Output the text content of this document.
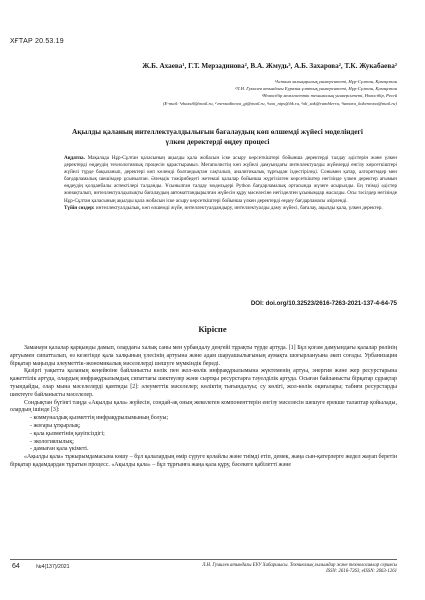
ХҒТАР 20.53.19
Ж.Б. Ахаева¹, Г.Т. Мерзадинова², В.А. Жмудь³, А.Б. Захарова², Т.К. Жукабаева²
¹Астана халықаралық университеті, Нұр-Сұлтан, Қазақстан
²Л.Н. Гумилев атындағы Еуразия ұлттық университеті, Нұр-Сұлтан, Қазақстан
³Новосібір мемлекеттік техникалық университеті, Новосібір, Ресей
(E-mail: ¹zhaxsi6@mail.ru, ² merzadinova_gt@mail.ru, ³oao_nips@bk.ru, ²ali_zak@ramblerru, ²tamara_kokenovna@mail.ru)
Ақылды қаланың интеллектуалдылығын бағалаудың көп өлшемді жүйесі моделіндегі
үлкен деректерді өңдеу процесі
Аңдатпа. Мақалада Нұр-Сұлтан қаласының ақылды қала жобасын іске асыру көрсеткіштері бойынша деректерді талдау әдістерін және үлкен деректерді өңдеудің технологиялық процесін қарастырамыз. Мегаполистің көп жүйелі дамуындағы интеллектуалды жүйелерді енгізу көрсеткіштері жүйелі түрде бақыланып, деректері көп көлемді болғандықтан сақталып, аналитикалық тұрғыдан іздестіріледі. Сонымен қатар, алгоритмдер мен бағдарламалық шешімдер ұсынылған. Әлемдік тәжірибедегі жетекші қалалар бойынша жүргізілген көрсеткіштер негізінде үлкен деректер ағымын өңдеудің қолданбалы аспектілері талданды. Ұсынылған талдау модельдері Python бағдарламалық ортасында жүзеге асырылды. Ең тиімді әдістер жинақталып, интеллектуалдылықты бағалаудың автоматтандырылған жүйесін құру мәселесіне негізделген ұсынымдар жасалды. Осы тәсілдер негізінде Нұр-Сұлтан қаласының ақылды қала жобасын іске асыру көрсеткіштері бойынша үлкен деректерді өңдеу бағдарламасы әзірленді.
Түйін сөздер: интеллектуалдылық, көп өлшемді жүйе, интеллектуалдандыру, интеллектуалды даму жүйесі, бағалау, ақылды қала, үлкен деректер.
DOI: doi.org/10.32523/2616-7263-2021-137-4-64-75
Кіріспе

Заманауи қалалар қарқынды дамып, олардағы халық саны мен урбандалу деңгейі тұрақты түрде артуда. [1] Бұл қоғам дамуындағы қалалар рөлінің артуымен сипатталып, өз кезегінде қала халқының үлесінің артуына және адам шаруашылығының аумақта шоғырлануына әкеп соғады. Урбанизация бірқатар маңызды әлеуметтік-экономикалық мәселелерді шешуге мүмкіндік береді.

Қазіргі уақытта қаланың кеңейюіне байланысты көлік пен жол-көлік инфрақұрылымына жүктеменің артуы, энергия және жер ресурстарына қажеттілік артуда, олардың инфрақұрылымдық сипаттағы шектеулер және сыртқы ресурстарға тәуелділік артуда. Осыған байланысты бірқатар сұрақтар туындайды, олар мына мәселелерді қамтиды [2]: әлеуметтік мәселелер; көліктің тығындалуы; су көлігі, жол-көлік оқиғалары; табиғи ресурстарды шектеуге байланысты мәселелер.

Сондықтан бүгінгі таңда «Ақылды қала» жүйесін, сондай-ақ оның жекелеген компоненттерін енгізу мәселесін шешуге ерекше талаптар қойылады, олардың ішінде [3]:

- коммуналдық қызметтің инфрақұрылымының болуы;
- жоғары ұтқырлық;
- қала қызметінің қауіпсіздігі;
- экологиялылық;
- дамыған қала үкіметі.

«Ақылды қала» тұжырымдамасына көшу – бұл қалалардың өмір сүруге қолайлы және тиімді етіп, демек, жаңа сын-қатерлерге жедел жауап беретін бірқатар қадамдардан тұратын процесс. «Ақылды қала» – бұл тұрғынға жаңа қала құру, бәсекеге қабілетті және

64	№4(137)/2021	Л.Н. Гумилев атындағы ЕҰУ Хабаршысы. Техникалық ғылымдар және технологиялар сериясы
ISSN: 2616-7263, eISSN: 2663-1261
